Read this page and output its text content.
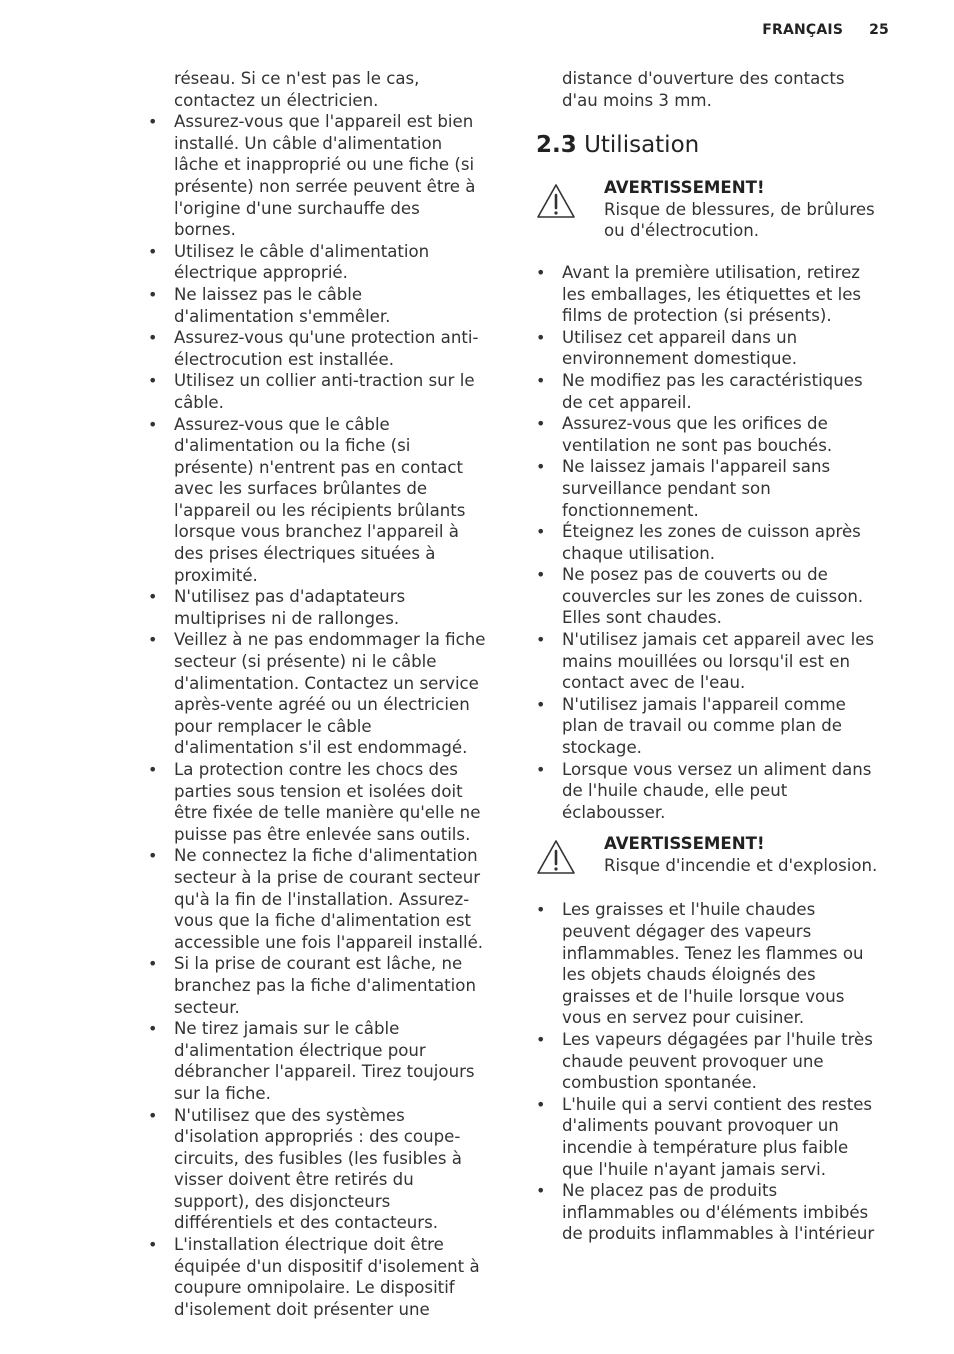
FRANÇAIS 25
réseau. Si ce n'est pas le cas, contactez un électricien.
• Assurez-vous que l'appareil est bien installé. Un câble d'alimentation lâche et inapproprié ou une fiche (si présente) non serrée peuvent être à l'origine d'une surchauffe des bornes.
• Utilisez le câble d'alimentation électrique approprié.
• Ne laissez pas le câble d'alimentation s'emmêler.
• Assurez-vous qu'une protection anti-électrocution est installée.
• Utilisez un collier anti-traction sur le câble.
• Assurez-vous que le câble d'alimentation ou la fiche (si présente) n'entrent pas en contact avec les surfaces brûlantes de l'appareil ou les récipients brûlants lorsque vous branchez l'appareil à des prises électriques situées à proximité.
• N'utilisez pas d'adaptateurs multiprises ni de rallonges.
• Veillez à ne pas endommager la fiche secteur (si présente) ni le câble d'alimentation. Contactez un service après-vente agréé ou un électricien pour remplacer le câble d'alimentation s'il est endommagé.
• La protection contre les chocs des parties sous tension et isolées doit être fixée de telle manière qu'elle ne puisse pas être enlevée sans outils.
• Ne connectez la fiche d'alimentation secteur à la prise de courant secteur qu'à la fin de l'installation. Assurez-vous que la fiche d'alimentation est accessible une fois l'appareil installé.
• Si la prise de courant est lâche, ne branchez pas la fiche d'alimentation secteur.
• Ne tirez jamais sur le câble d'alimentation électrique pour débrancher l'appareil. Tirez toujours sur la fiche.
• N'utilisez que des systèmes d'isolation appropriés : des coupe-circuits, des fusibles (les fusibles à visser doivent être retirés du support), des disjoncteurs différentiels et des contacteurs.
• L'installation électrique doit être équipée d'un dispositif d'isolement à coupure omnipolaire. Le dispositif d'isolement doit présenter une
distance d'ouverture des contacts d'au moins 3 mm.
2.3 Utilisation
AVERTISSEMENT!
Risque de blessures, de brûlures ou d'électrocution.
• Avant la première utilisation, retirez les emballages, les étiquettes et les films de protection (si présents).
• Utilisez cet appareil dans un environnement domestique.
• Ne modifiez pas les caractéristiques de cet appareil.
• Assurez-vous que les orifices de ventilation ne sont pas bouchés.
• Ne laissez jamais l'appareil sans surveillance pendant son fonctionnement.
• Éteignez les zones de cuisson après chaque utilisation.
• Ne posez pas de couverts ou de couvercles sur les zones de cuisson. Elles sont chaudes.
• N'utilisez jamais cet appareil avec les mains mouillées ou lorsqu'il est en contact avec de l'eau.
• N'utilisez jamais l'appareil comme plan de travail ou comme plan de stockage.
• Lorsque vous versez un aliment dans de l'huile chaude, elle peut éclabousser.
AVERTISSEMENT!
Risque d'incendie et d'explosion.
• Les graisses et l'huile chaudes peuvent dégager des vapeurs inflammables. Tenez les flammes ou les objets chauds éloignés des graisses et de l'huile lorsque vous vous en servez pour cuisiner.
• Les vapeurs dégagées par l'huile très chaude peuvent provoquer une combustion spontanée.
• L'huile qui a servi contient des restes d'aliments pouvant provoquer un incendie à température plus faible que l'huile n'ayant jamais servi.
• Ne placez pas de produits inflammables ou d'éléments imbibés de produits inflammables à l'intérieur
